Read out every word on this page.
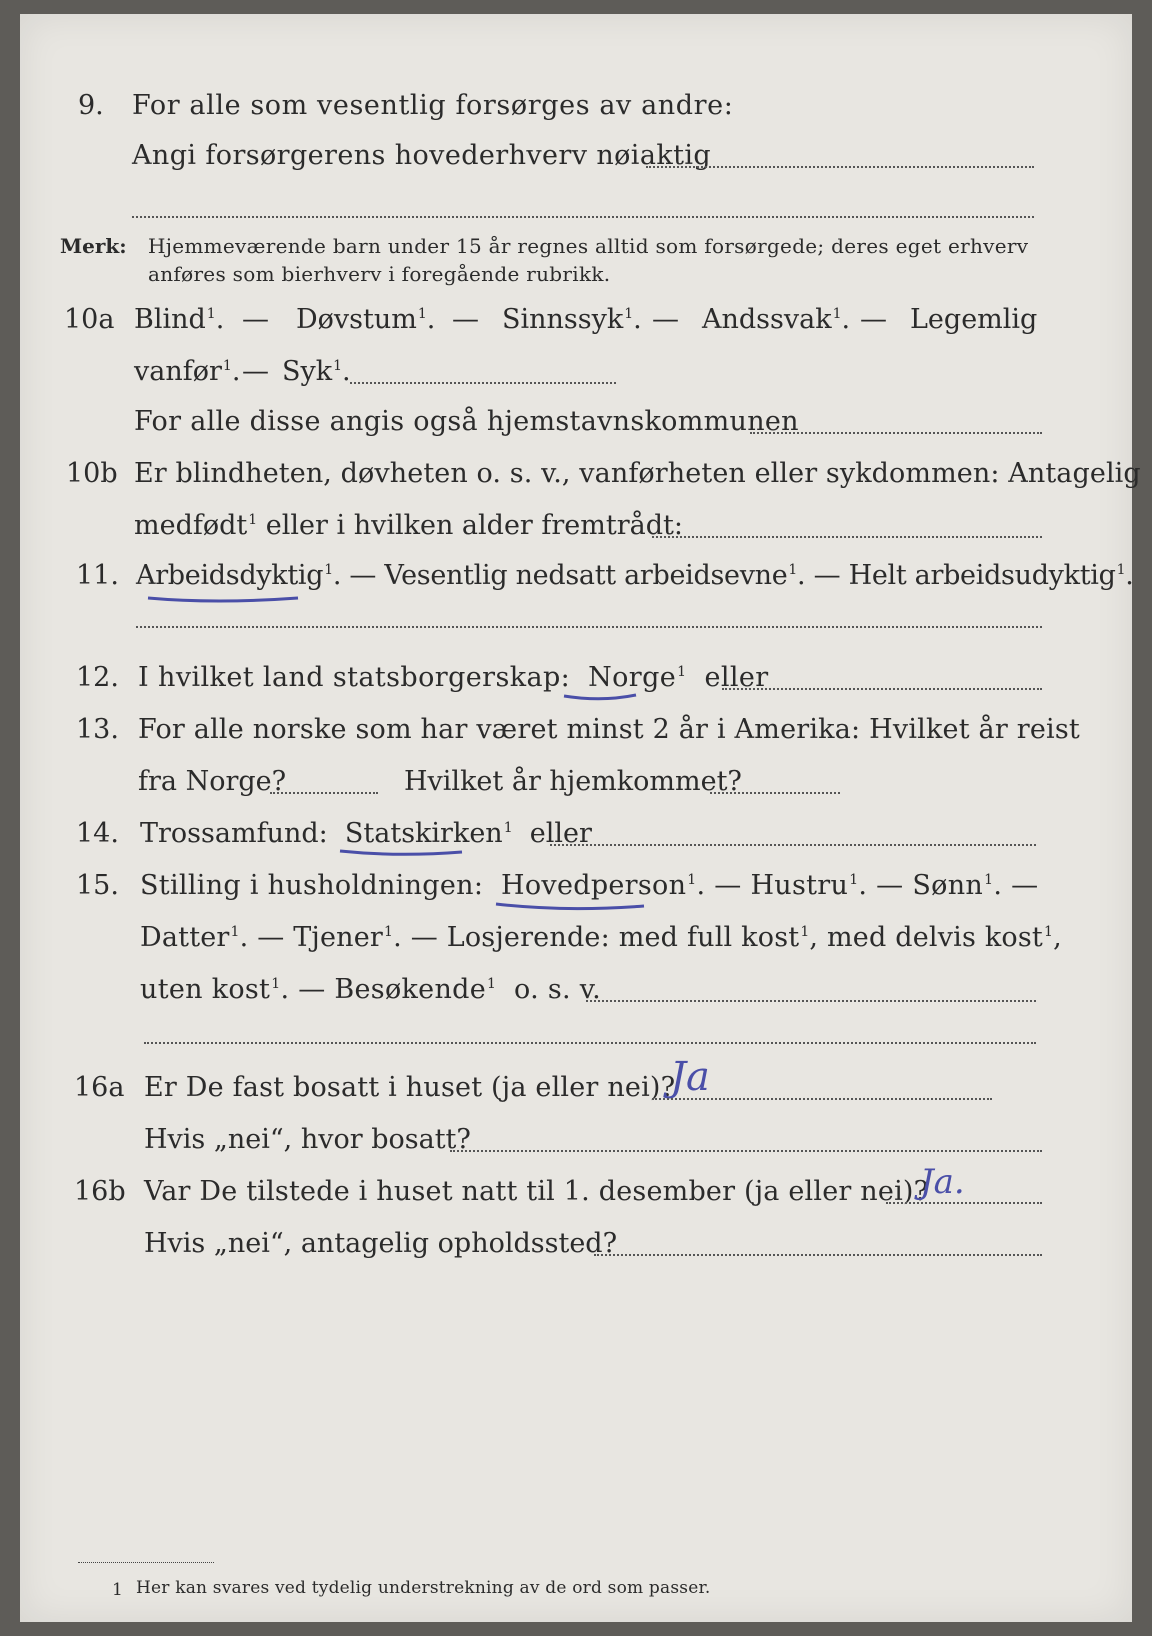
9. For alle som vesentlig forsørges av andre:
Angi forsørgerens hovederhverv nøiaktig
Merk: Hjemmeværende barn under 15 år regnes alltid som forsørgede; deres eget erhverv
anføres som bierhverv i foregående rubrikk.
10a Blind$^1$. — Døvstum$^1$. — Sinnssyk$^1$. — Andssvak$^1$. — Legemlig
vanfør$^1$. — Syk$^1$.
For alle disse angis også hjemstavnskommunen
10b Er blindheten, døvheten o. s. v., vanførheten eller sykdommen: Antagelig
medfødt$^1$ eller i hvilken alder fremtrådt:
11. Arbeidsdyktig$^1$. — Vesentlig nedsatt arbeidsevne$^1$. — Helt arbeidsudyktig$^1$.
12. I hvilket land statsborgerskap: Norge$^1$ eller
13. For alle norske som har været minst 2 år i Amerika: Hvilket år reist
fra Norge?	Hvilket år hjemkommet?
14. Trossamfund: Statskirken$^1$ eller
15. Stilling i husholdningen: Hovedperson$^1$. — Hustru$^1$. — Sønn$^1$. —
Datter$^1$. — Tjener$^1$. — Losjerende: med full kost$^1$, med delvis kost$^1$,
uten kost$^1$. — Besøkende$^1$ o. s. v.
16a Er De fast bosatt i huset (ja eller nei)?
Ja
Hvis „nei“, hvor bosatt?
16b Var De tilstede i huset natt til 1. desember (ja eller nei)?
Ja.
Hvis „nei“, antagelig opholdssted?
1 Her kan svares ved tydelig understrekning av de ord som passer.
